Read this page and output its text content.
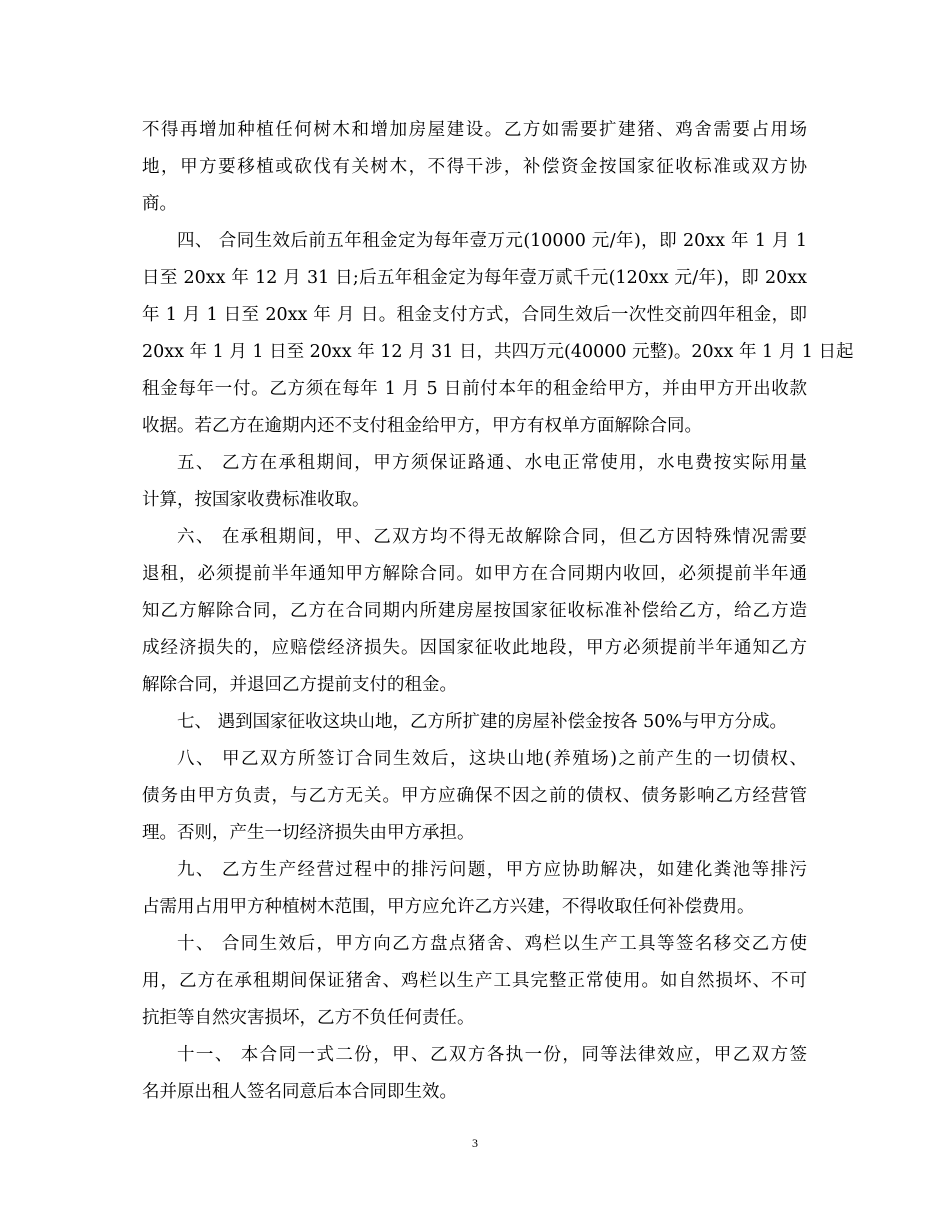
不得再增加种植任何树木和增加房屋建设。乙方如需要扩建猪、鸡舍需要占用场
地，甲方要移植或砍伐有关树木，不得干涉，补偿资金按国家征收标准或双方协
商。

四、 合同生效后前五年租金定为每年壹万元(10000 元/年)，即 20xx 年 1 月 1
日至 20xx 年 12 月 31 日;后五年租金定为每年壹万贰千元(120xx 元/年)，即 20xx
年 1 月 1 日至 20xx 年 月 日。租金支付方式，合同生效后一次性交前四年租金，即
20xx 年 1 月 1 日至 20xx 年 12 月 31 日，共四万元(40000 元整)。20xx 年 1 月 1 日起
租金每年一付。乙方须在每年 1 月 5 日前付本年的租金给甲方，并由甲方开出收款
收据。若乙方在逾期内还不支付租金给甲方，甲方有权单方面解除合同。

五、 乙方在承租期间，甲方须保证路通、水电正常使用，水电费按实际用量
计算，按国家收费标准收取。

六、 在承租期间，甲、乙双方均不得无故解除合同，但乙方因特殊情况需要
退租，必须提前半年通知甲方解除合同。如甲方在合同期内收回，必须提前半年通
知乙方解除合同，乙方在合同期内所建房屋按国家征收标准补偿给乙方，给乙方造
成经济损失的，应赔偿经济损失。因国家征收此地段，甲方必须提前半年通知乙方
解除合同，并退回乙方提前支付的租金。

七、 遇到国家征收这块山地，乙方所扩建的房屋补偿金按各 50%与甲方分成。

八、 甲乙双方所签订合同生效后，这块山地(养殖场)之前产生的一切债权、
债务由甲方负责，与乙方无关。甲方应确保不因之前的债权、债务影响乙方经营管
理。否则，产生一切经济损失由甲方承担。

九、 乙方生产经营过程中的排污问题，甲方应协助解决，如建化粪池等排污
占需用占用甲方种植树木范围，甲方应允许乙方兴建，不得收取任何补偿费用。

十、 合同生效后，甲方向乙方盘点猪舍、鸡栏以生产工具等签名移交乙方使
用，乙方在承租期间保证猪舍、鸡栏以生产工具完整正常使用。如自然损坏、不可
抗拒等自然灾害损坏，乙方不负任何责任。

十一、 本合同一式二份，甲、乙双方各执一份，同等法律效应，甲乙双方签
名并原出租人签名同意后本合同即生效。

3
